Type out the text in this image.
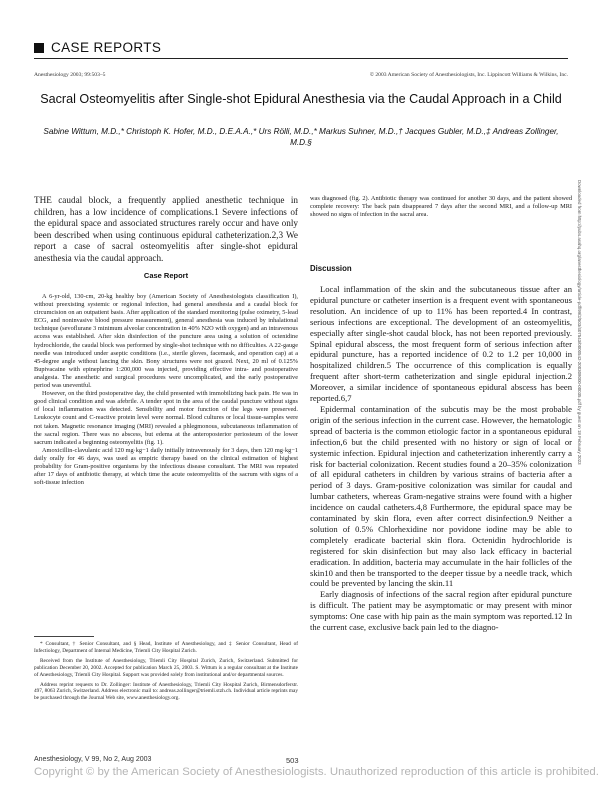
CASE REPORTS
Anesthesiology 2003; 99:503–5	© 2003 American Society of Anesthesiologists, Inc. Lippincott Williams & Wilkins, Inc.
Sacral Osteomyelitis after Single-shot Epidural Anesthesia via the Caudal Approach in a Child
Sabine Wittum, M.D.,* Christoph K. Hofer, M.D., D.E.A.A.,* Urs Rölli, M.D.,* Markus Suhner, M.D.,† Jacques Gubler, M.D.,‡ Andreas Zollinger, M.D.§
THE caudal block, a frequently applied anesthetic technique in children, has a low incidence of complications.1 Severe infections of the epidural space and associated structures rarely occur and have only been described when using continuous epidural catheterization.2,3 We report a case of sacral osteomyelitis after single-shot epidural anesthesia via the caudal approach.
Case Report

A 6-yr-old, 130-cm, 20-kg healthy boy (American Society of Anesthesiologists classification I), without preexisting systemic or regional infection, had general anesthesia and a caudal block for circumcision on an outpatient basis. After application of the standard monitoring (pulse oximetry, 5-lead ECG, and noninvasive blood pressure measurement), general anesthesia was induced by inhalational technique (sevoflurane 3 minimum alveolar concentration in 40% N2O with oxygen) and an intravenous access was established. After skin disinfection of the puncture area using a solution of octenidine hydrochloride, the caudal block was performed by single-shot technique with no difficulties. A 22-gauge needle was introduced under aseptic conditions (i.e., sterile gloves, facemask, and operation cap) at a 45-degree angle without lancing the skin. Bony structures were not grazed. Next, 20 ml of 0.125% Bupivacaine with epinephrine 1:200,000 was injected, providing effective intra- and postoperative analgesia. The anesthetic and surgical procedures were uncomplicated, and the early postoperative period was uneventful.

However, on the third postoperative day, the child presented with immobilizing back pain. He was in good clinical condition and was afebrile. A tender spot in the area of the caudal puncture without signs of local inflammation was detected. Sensibility and motor function of the legs were preserved. Leukocyte count and C-reactive protein level were normal. Blood cultures or local tissue-samples were not taken. Magnetic resonance imaging (MRI) revealed a phlegmonous, subcutaneous inflammation of the sacral region. There was no abscess, but edema at the anteroposterior periosteum of the lower sacrum indicated a beginning osteomyelitis (fig. 1).

Amoxicillin-clavulanic acid 120 mg·kg−1 daily initially intravenously for 3 days, then 120 mg·kg−1 daily orally for 46 days, was used as empiric therapy based on the clinical estimation of highest probability for Gram-positive organisms by the infectious disease consultant. The MRI was repeated after 17 days of antibiotic therapy, at which time the acute osteomyelitis of the sacrum with signs of a soft-tissue infection

* Consultant, † Senior Consultant, and § Head, Institute of Anesthesiology, and ‡ Senior Consultant, Head of Infectiology, Department of Internal Medicine, Triemli City Hospital Zurich.

Received from the Institute of Anesthesiology, Triemli City Hospital Zurich, Zurich, Switzerland. Submitted for publication December 20, 2002. Accepted for publication March 25, 2003. S. Wittum is a regular consultant at the Institute of Anesthesiology, Triemli City Hospital. Support was provided solely from institutional and/or departmental sources.

Address reprint requests to Dr. Zollinger: Institute of Anesthesiology, Triemli City Hospital Zurich, Birmensdorferstr. 497, 8063 Zurich, Switzerland. Address electronic mail to: andreas.zollinger@triemli.stzh.ch. Individual article reprints may be purchased through the Journal Web site, www.anesthesiology.org.

was diagnosed (fig. 2). Antibiotic therapy was continued for another 30 days, and the patient showed complete recovery: The back pain disappeared 7 days after the second MRI, and a follow-up MRI showed no signs of infection in the sacral area.
Discussion

Local inflammation of the skin and the subcutaneous tissue after an epidural puncture or catheter insertion is a frequent event with spontaneous resolution. An incidence of up to 11% has been reported.4 In contrast, serious infections are exceptional. The development of an osteomyelitis, especially after single-shot caudal block, has not been reported previously. Spinal epidural abscess, the most frequent form of serious infection after epidural puncture, has a reported incidence of 0.2 to 1.2 per 10,000 in hospitalized children.5 The occurrence of this complication is equally frequent after short-term catheterization and single epidural injection.2 Moreover, a similar incidence of spontaneous epidural abscess has been reported.6,7

Epidermal contamination of the subcutis may be the most probable origin of the serious infection in the current case. However, the hematologic spread of bacteria is the common etiologic factor in a spontaneous epidural infection,6 but the child presented with no history or sign of local or systemic infection. Epidural injection and catheterization inherently carry a risk for bacterial colonization. Recent studies found a 20–35% colonization of all epidural catheters in children by various strains of bacteria after a period of 3 days. Gram-positive colonization was similar for caudal and lumbar catheters, whereas Gram-negative strains were found with a higher incidence on caudal catheters.4,8 Furthermore, the epidural space may be contaminated by skin flora, even after correct disinfection.9 Neither a solution of 0.5% Chlorhexidine nor povidone iodine may be able to completely eradicate bacterial skin flora. Octenidin hydrochloride is registered for skin disinfection but may also lack efficacy in bacterial eradication. In addition, bacteria may accumulate in the hair follicles of the skin10 and then be transported to the deeper tissue by a needle track, which could be prevented by lancing the skin.11

Early diagnosis of infections of the sacral region after epidural puncture is difficult. The patient may be asymptomatic or may present with minor symptoms: One case with hip pain as the main symptom was reported.12 In the current case, exclusive back pain led to the diagno-

Downloaded from http://pubs.asahq.org/anesthesiology/article-pdf/99/2/503/407543/0000542-200308000-00035.pdf by guest on 18 February 2023
Anesthesiology, V 99, No 2, Aug 2003	503
Copyright © by the American Society of Anesthesiologists. Unauthorized reproduction of this article is prohibited.
